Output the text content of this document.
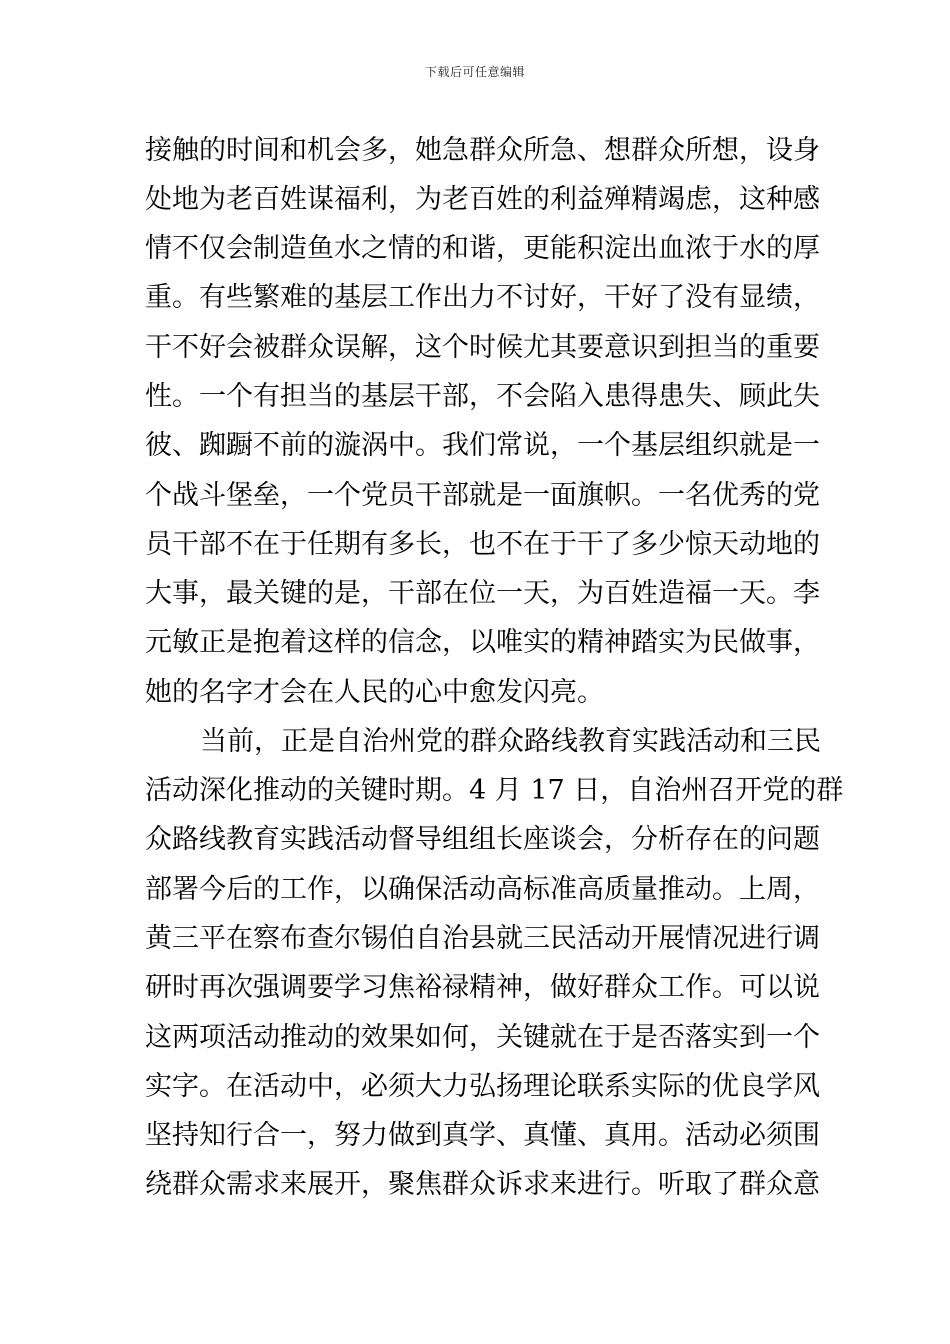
下载后可任意编辑
接触的时间和机会多，她急群众所急、想群众所想，设身
处地为老百姓谋福利，为老百姓的利益殚精竭虑，这种感
情不仅会制造鱼水之情的和谐，更能积淀出血浓于水的厚
重。有些繁难的基层工作出力不讨好，干好了没有显绩，
干不好会被群众误解，这个时候尤其要意识到担当的重要
性。一个有担当的基层干部，不会陷入患得患失、顾此失
彼、踟蹰不前的漩涡中。我们常说，一个基层组织就是一
个战斗堡垒，一个党员干部就是一面旗帜。一名优秀的党
员干部不在于任期有多长，也不在于干了多少惊天动地的
大事，最关键的是，干部在位一天，为百姓造福一天。李
元敏正是抱着这样的信念，以唯实的精神踏实为民做事，
她的名字才会在人民的心中愈发闪亮。
当前，正是自治州党的群众路线教育实践活动和三民
活动深化推动的关键时期。4 月 17 日，自治州召开党的群
众路线教育实践活动督导组组长座谈会，分析存在的问题
部署今后的工作，以确保活动高标准高质量推动。上周，
黄三平在察布查尔锡伯自治县就三民活动开展情况进行调
研时再次强调要学习焦裕禄精神，做好群众工作。可以说
这两项活动推动的效果如何，关键就在于是否落实到一个
实字。在活动中，必须大力弘扬理论联系实际的优良学风
坚持知行合一，努力做到真学、真懂、真用。活动必须围
绕群众需求来展开，聚焦群众诉求来进行。听取了群众意
